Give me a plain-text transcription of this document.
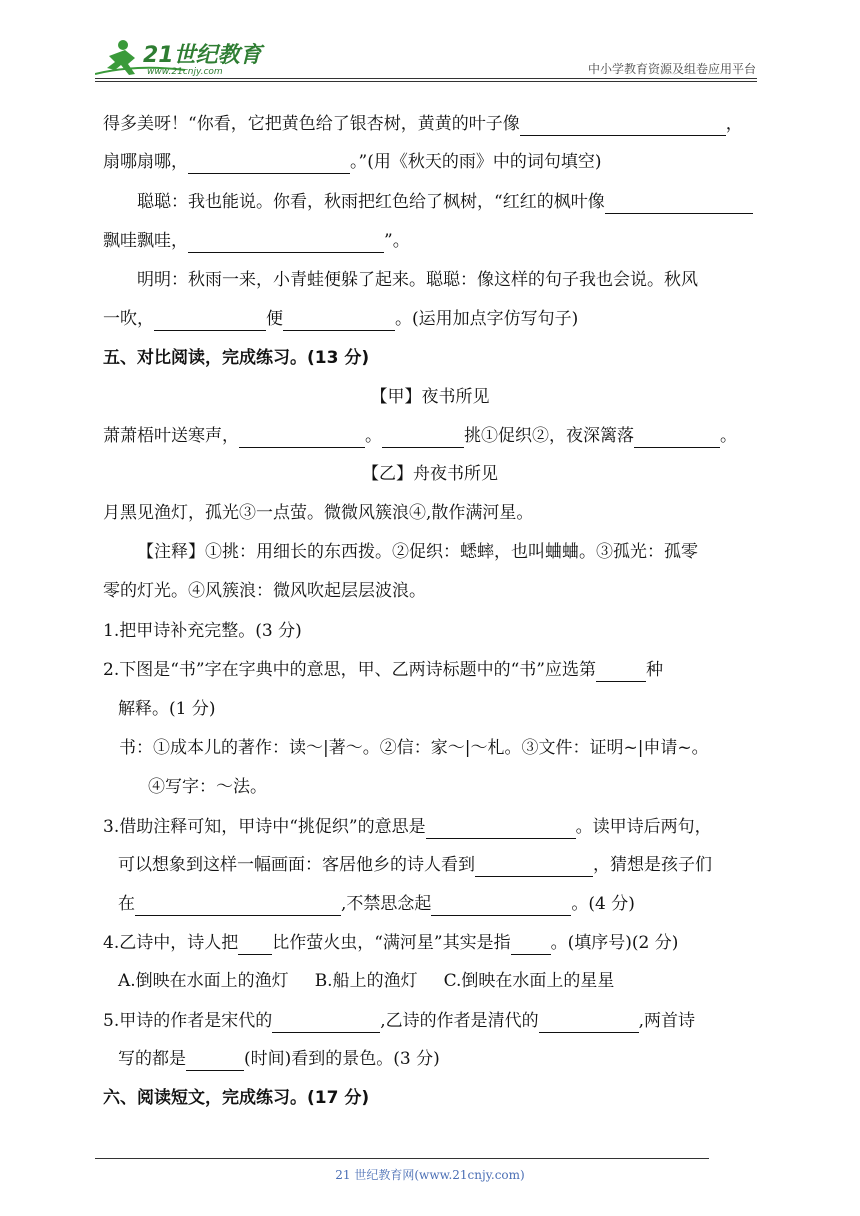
21世纪教育
www.21cnjy.com	中小学教育资源及组卷应用平台
得多美呀！“你看，它把黄色给了银杏树，黄黄的叶子像	，
扇哪扇哪，	。”(用《秋天的雨》中的词句填空)
聪聪：我也能说。你看，秋雨把红色给了枫树，“红红的枫叶像
飘哇飘哇，	”。
明明：秋雨一来，小青蛙便躲了起来。聪聪：像这样的句子我也会说。秋风
一吹，	便	。(运用加点字仿写句子)
五、对比阅读，完成练习。(13 分)
【甲】夜书所见
萧萧梧叶送寒声，	。	挑①促织②，夜深篱落	。
【乙】舟夜书所见
月黑见渔灯，孤光③一点萤。微微风簇浪④,散作满河星。
【注释】①挑：用细长的东西拨。②促织：蟋蟀，也叫蛐蛐。③孤光：孤零
零的灯光。④风簇浪：微风吹起层层波浪。
1.把甲诗补充完整。(3 分)
2.下图是“书”字在字典中的意思，甲、乙两诗标题中的“书”应选第	种
解释。(1 分)
书：①成本儿的著作：读～|著～。②信：家～|～札。③文件：证明~|申请~。
④写字：～法。
3.借助注释可知，甲诗中“挑促织”的意思是	。读甲诗后两句，
可以想象到这样一幅画面：客居他乡的诗人看到	，猜想是孩子们
在	,不禁思念起	。(4 分)
4.乙诗中，诗人把 比作萤火虫，“满河星”其实是指 。(填序号)(2 分)
A.倒映在水面上的渔灯 B.船上的渔灯 C.倒映在水面上的星星
5.甲诗的作者是宋代的	,乙诗的作者是清代的	,两首诗
写的都是	(时间)看到的景色。(3 分)
六、阅读短文，完成练习。(17 分)
21 世纪教育网(www.21cnjy.com)
